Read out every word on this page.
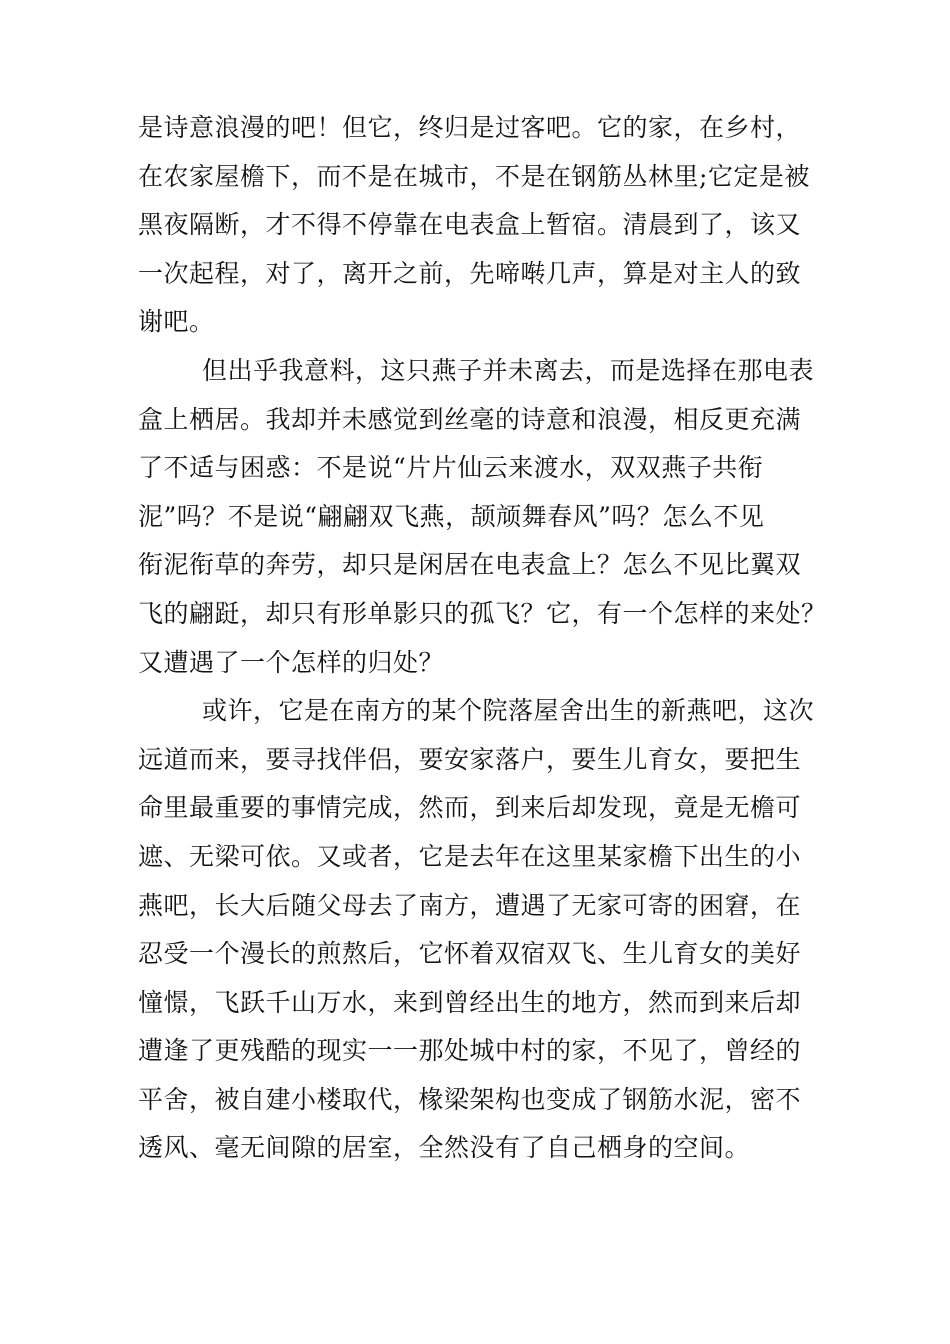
是诗意浪漫的吧！但它，终归是过客吧。它的家，在乡村，
在农家屋檐下，而不是在城市，不是在钢筋丛林里;它定是被
黑夜隔断，才不得不停靠在电表盒上暂宿。清晨到了，该又
一次起程，对了，离开之前，先啼啭几声，算是对主人的致
谢吧。
但出乎我意料，这只燕子并未离去，而是选择在那电表
盒上栖居。我却并未感觉到丝毫的诗意和浪漫，相反更充满
了不适与困惑：不是说“片片仙云来渡水，双双燕子共衔
泥”吗？不是说“翩翩双飞燕，颉颃舞春风”吗？怎么不见
衔泥衔草的奔劳，却只是闲居在电表盒上？怎么不见比翼双
飞的翩跹，却只有形单影只的孤飞？它，有一个怎样的来处？
又遭遇了一个怎样的归处？
或许，它是在南方的某个院落屋舍出生的新燕吧，这次
远道而来，要寻找伴侣，要安家落户，要生儿育女，要把生
命里最重要的事情完成，然而，到来后却发现，竟是无檐可
遮、无梁可依。又或者，它是去年在这里某家檐下出生的小
燕吧，长大后随父母去了南方，遭遇了无家可寄的困窘，在
忍受一个漫长的煎熬后，它怀着双宿双飞、生儿育女的美好
憧憬，飞跃千山万水，来到曾经出生的地方，然而到来后却
遭逢了更残酷的现实一一那处城中村的家，不见了，曾经的
平舍，被自建小楼取代，椽梁架构也变成了钢筋水泥，密不
透风、毫无间隙的居室，全然没有了自己栖身的空间。
